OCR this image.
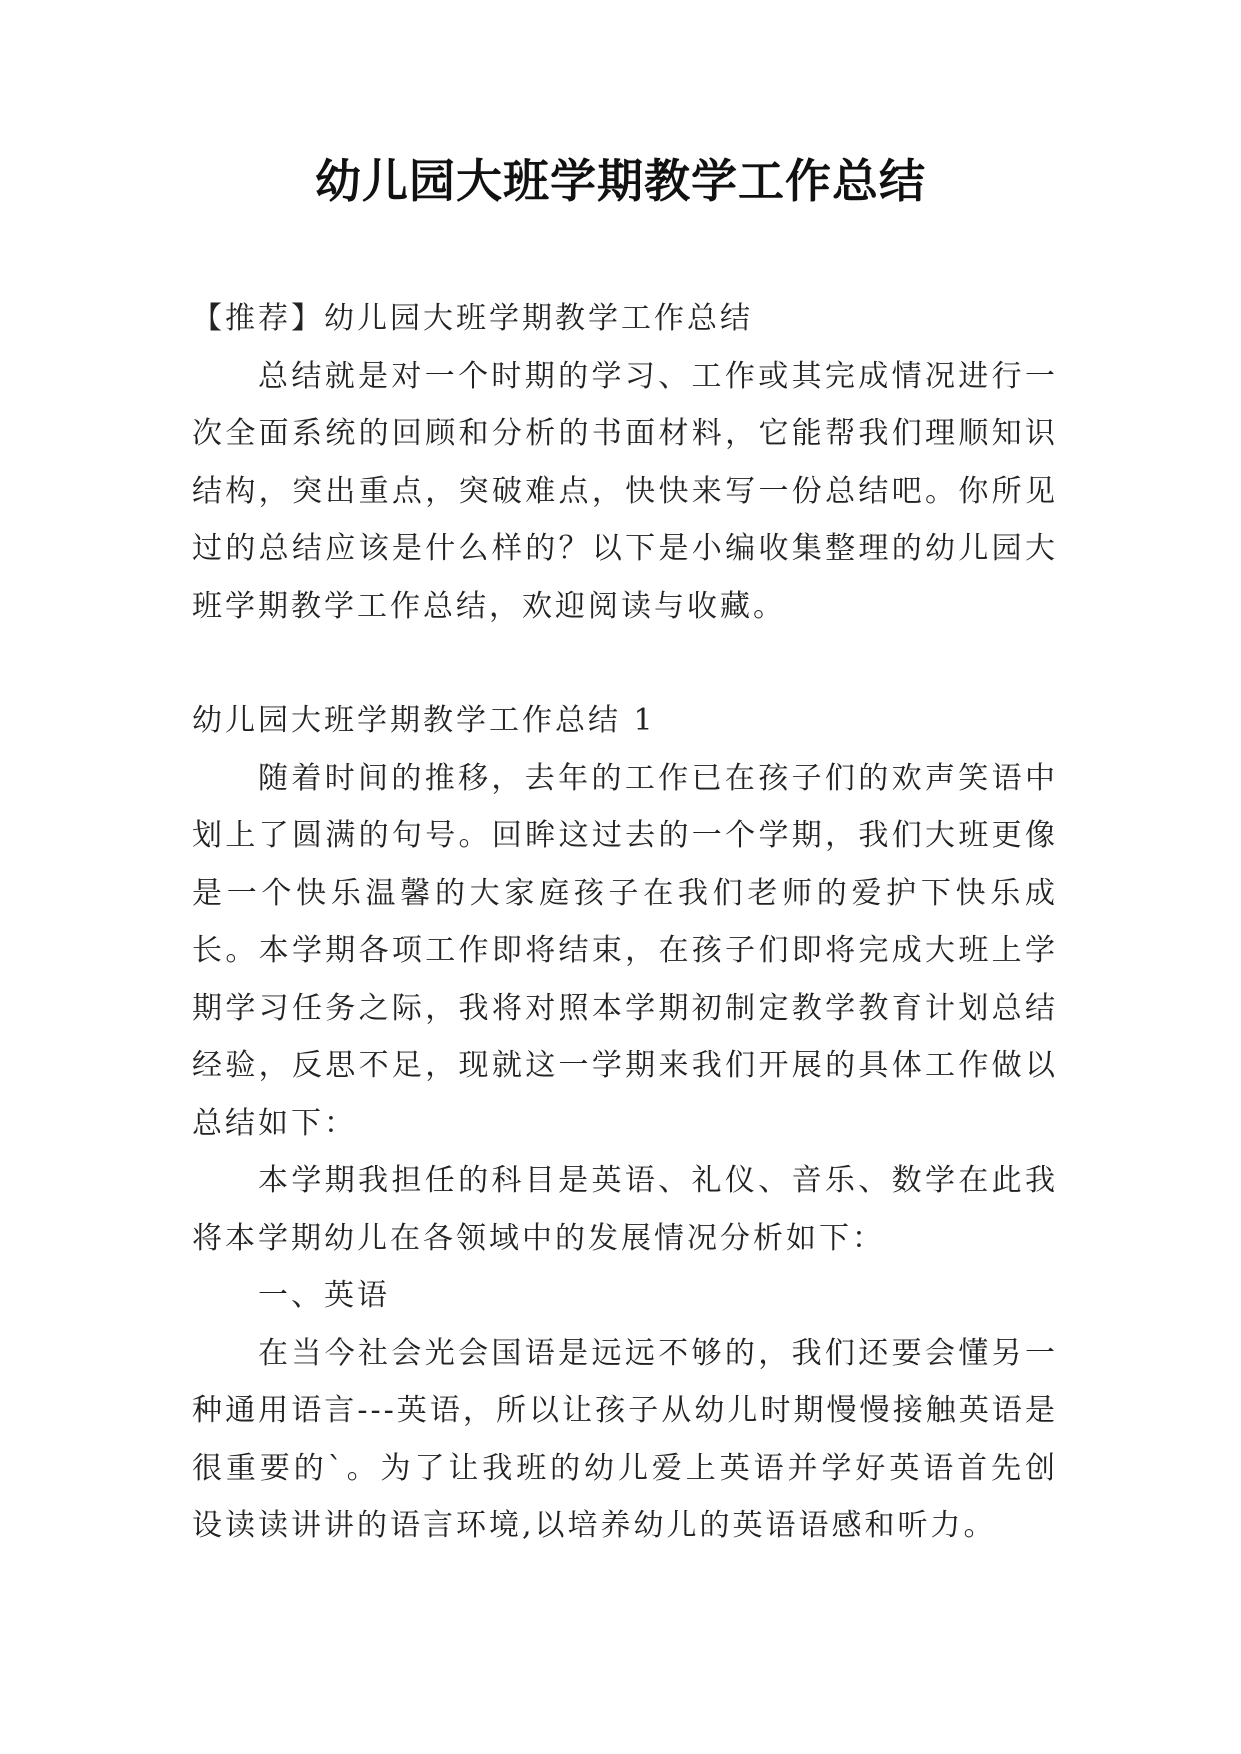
幼儿园大班学期教学工作总结

【推荐】幼儿园大班学期教学工作总结

总结就是对一个时期的学习、工作或其完成情况进行一次全面系统的回顾和分析的书面材料，它能帮我们理顺知识结构，突出重点，突破难点，快快来写一份总结吧。你所见过的总结应该是什么样的？以下是小编收集整理的幼儿园大班学期教学工作总结，欢迎阅读与收藏。

幼儿园大班学期教学工作总结 1

随着时间的推移，去年的工作已在孩子们的欢声笑语中划上了圆满的句号。回眸这过去的一个学期，我们大班更像是一个快乐温馨的大家庭孩子在我们老师的爱护下快乐成长。本学期各项工作即将结束，在孩子们即将完成大班上学期学习任务之际，我将对照本学期初制定教学教育计划总结经验，反思不足，现就这一学期来我们开展的具体工作做以总结如下：

本学期我担任的科目是英语、礼仪、音乐、数学在此我将本学期幼儿在各领域中的发展情况分析如下：

一、英语

在当今社会光会国语是远远不够的，我们还要会懂另一种通用语言---英语，所以让孩子从幼儿时期慢慢接触英语是很重要的`。为了让我班的幼儿爱上英语并学好英语首先创设读读讲讲的语言环境,以培养幼儿的英语语感和听力。
